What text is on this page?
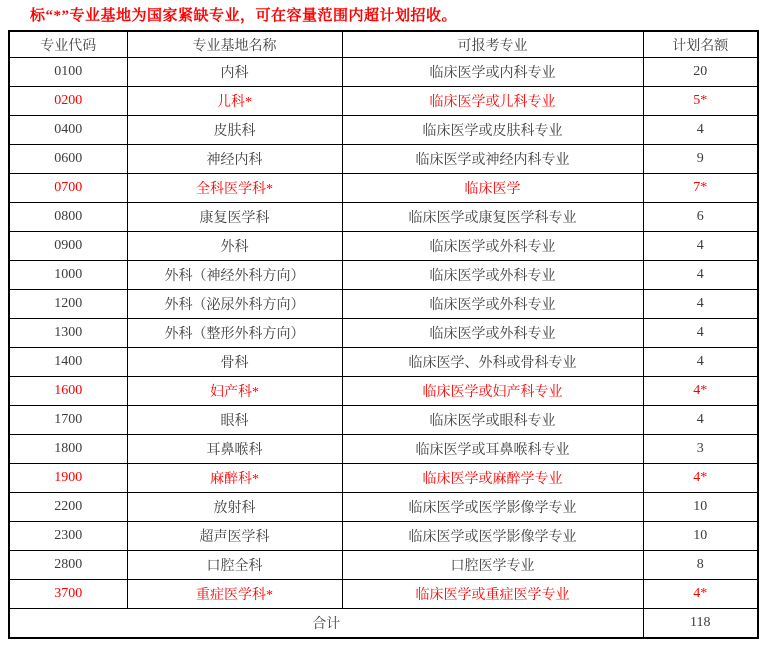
标“*”专业基地为国家紧缺专业，可在容量范围内超计划招收。
专业代码	专业基地名称	可报考专业	计划名额
0100	内科	临床医学或内科专业	20
0200	儿科*	临床医学或儿科专业	5*
0400	皮肤科	临床医学或皮肤科专业	4
0600	神经内科	临床医学或神经内科专业	9
0700	全科医学科*	临床医学	7*
0800	康复医学科	临床医学或康复医学科专业	6
0900	外科	临床医学或外科专业	4
1000	外科（神经外科方向）	临床医学或外科专业	4
1200	外科（泌尿外科方向）	临床医学或外科专业	4
1300	外科（整形外科方向）	临床医学或外科专业	4
1400	骨科	临床医学、外科或骨科专业	4
1600	妇产科*	临床医学或妇产科专业	4*
1700	眼科	临床医学或眼科专业	4
1800	耳鼻喉科	临床医学或耳鼻喉科专业	3
1900	麻醉科*	临床医学或麻醉学专业	4*
2200	放射科	临床医学或医学影像学专业	10
2300	超声医学科	临床医学或医学影像学专业	10
2800	口腔全科	口腔医学专业	8
3700	重症医学科*	临床医学或重症医学专业	4*
合计			118
